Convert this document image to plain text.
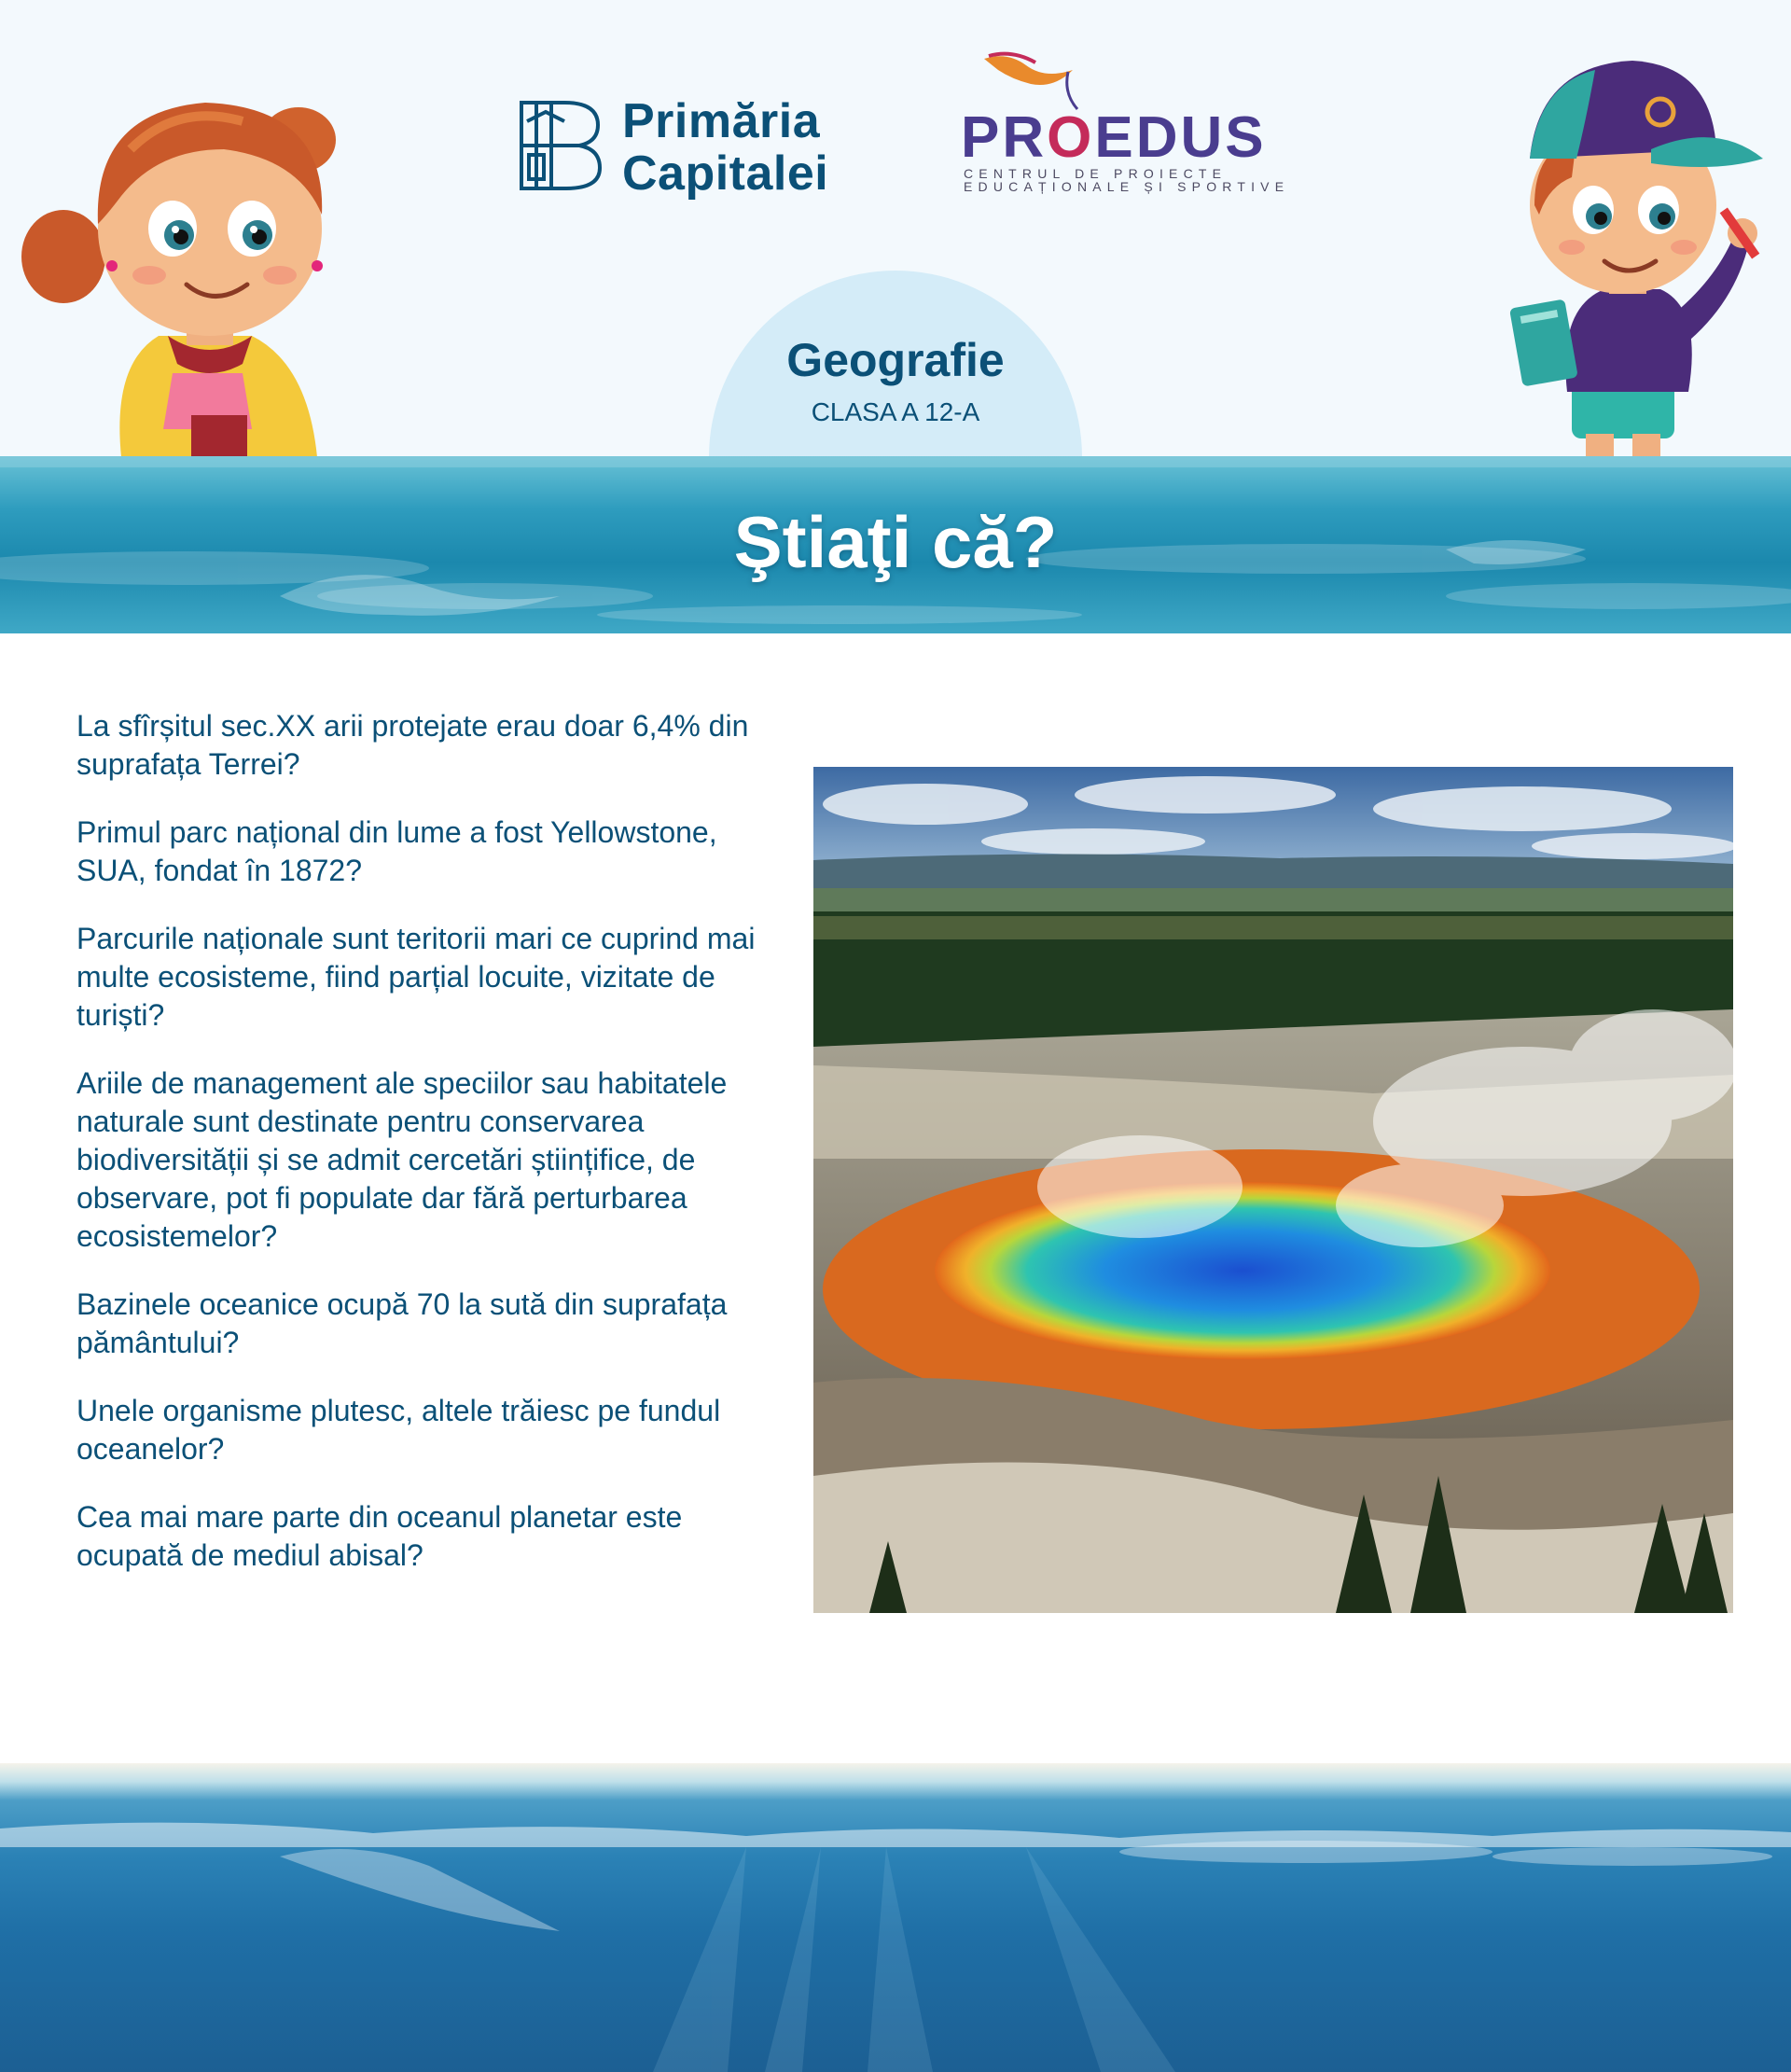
Primăria
Capitalei
PROEDUS
CENTRUL DE PROIECTE
EDUCAȚIONALE ȘI SPORTIVE
Geografie
CLASA A 12-A
Ştiaţi că?

La sfîrșitul sec.XX arii protejate erau doar 6,4% din suprafața Terrei?

Primul parc național din lume a fost Yellowstone, SUA, fondat în 1872?

Parcurile naționale sunt teritorii mari ce cuprind mai multe ecosisteme, fiind parțial locuite, vizitate de turiști?

Ariile de management ale speciilor sau habitatele naturale sunt destinate pentru conservarea biodiversității și se admit cercetări științifice, de observare, pot fi populate dar fără perturbarea ecosistemelor?

Bazinele oceanice ocupă 70 la sută din suprafața pământului?

Unele organisme plutesc, altele trăiesc pe fundul oceanelor?

Cea mai mare parte din oceanul planetar este ocupată de mediul abisal?
